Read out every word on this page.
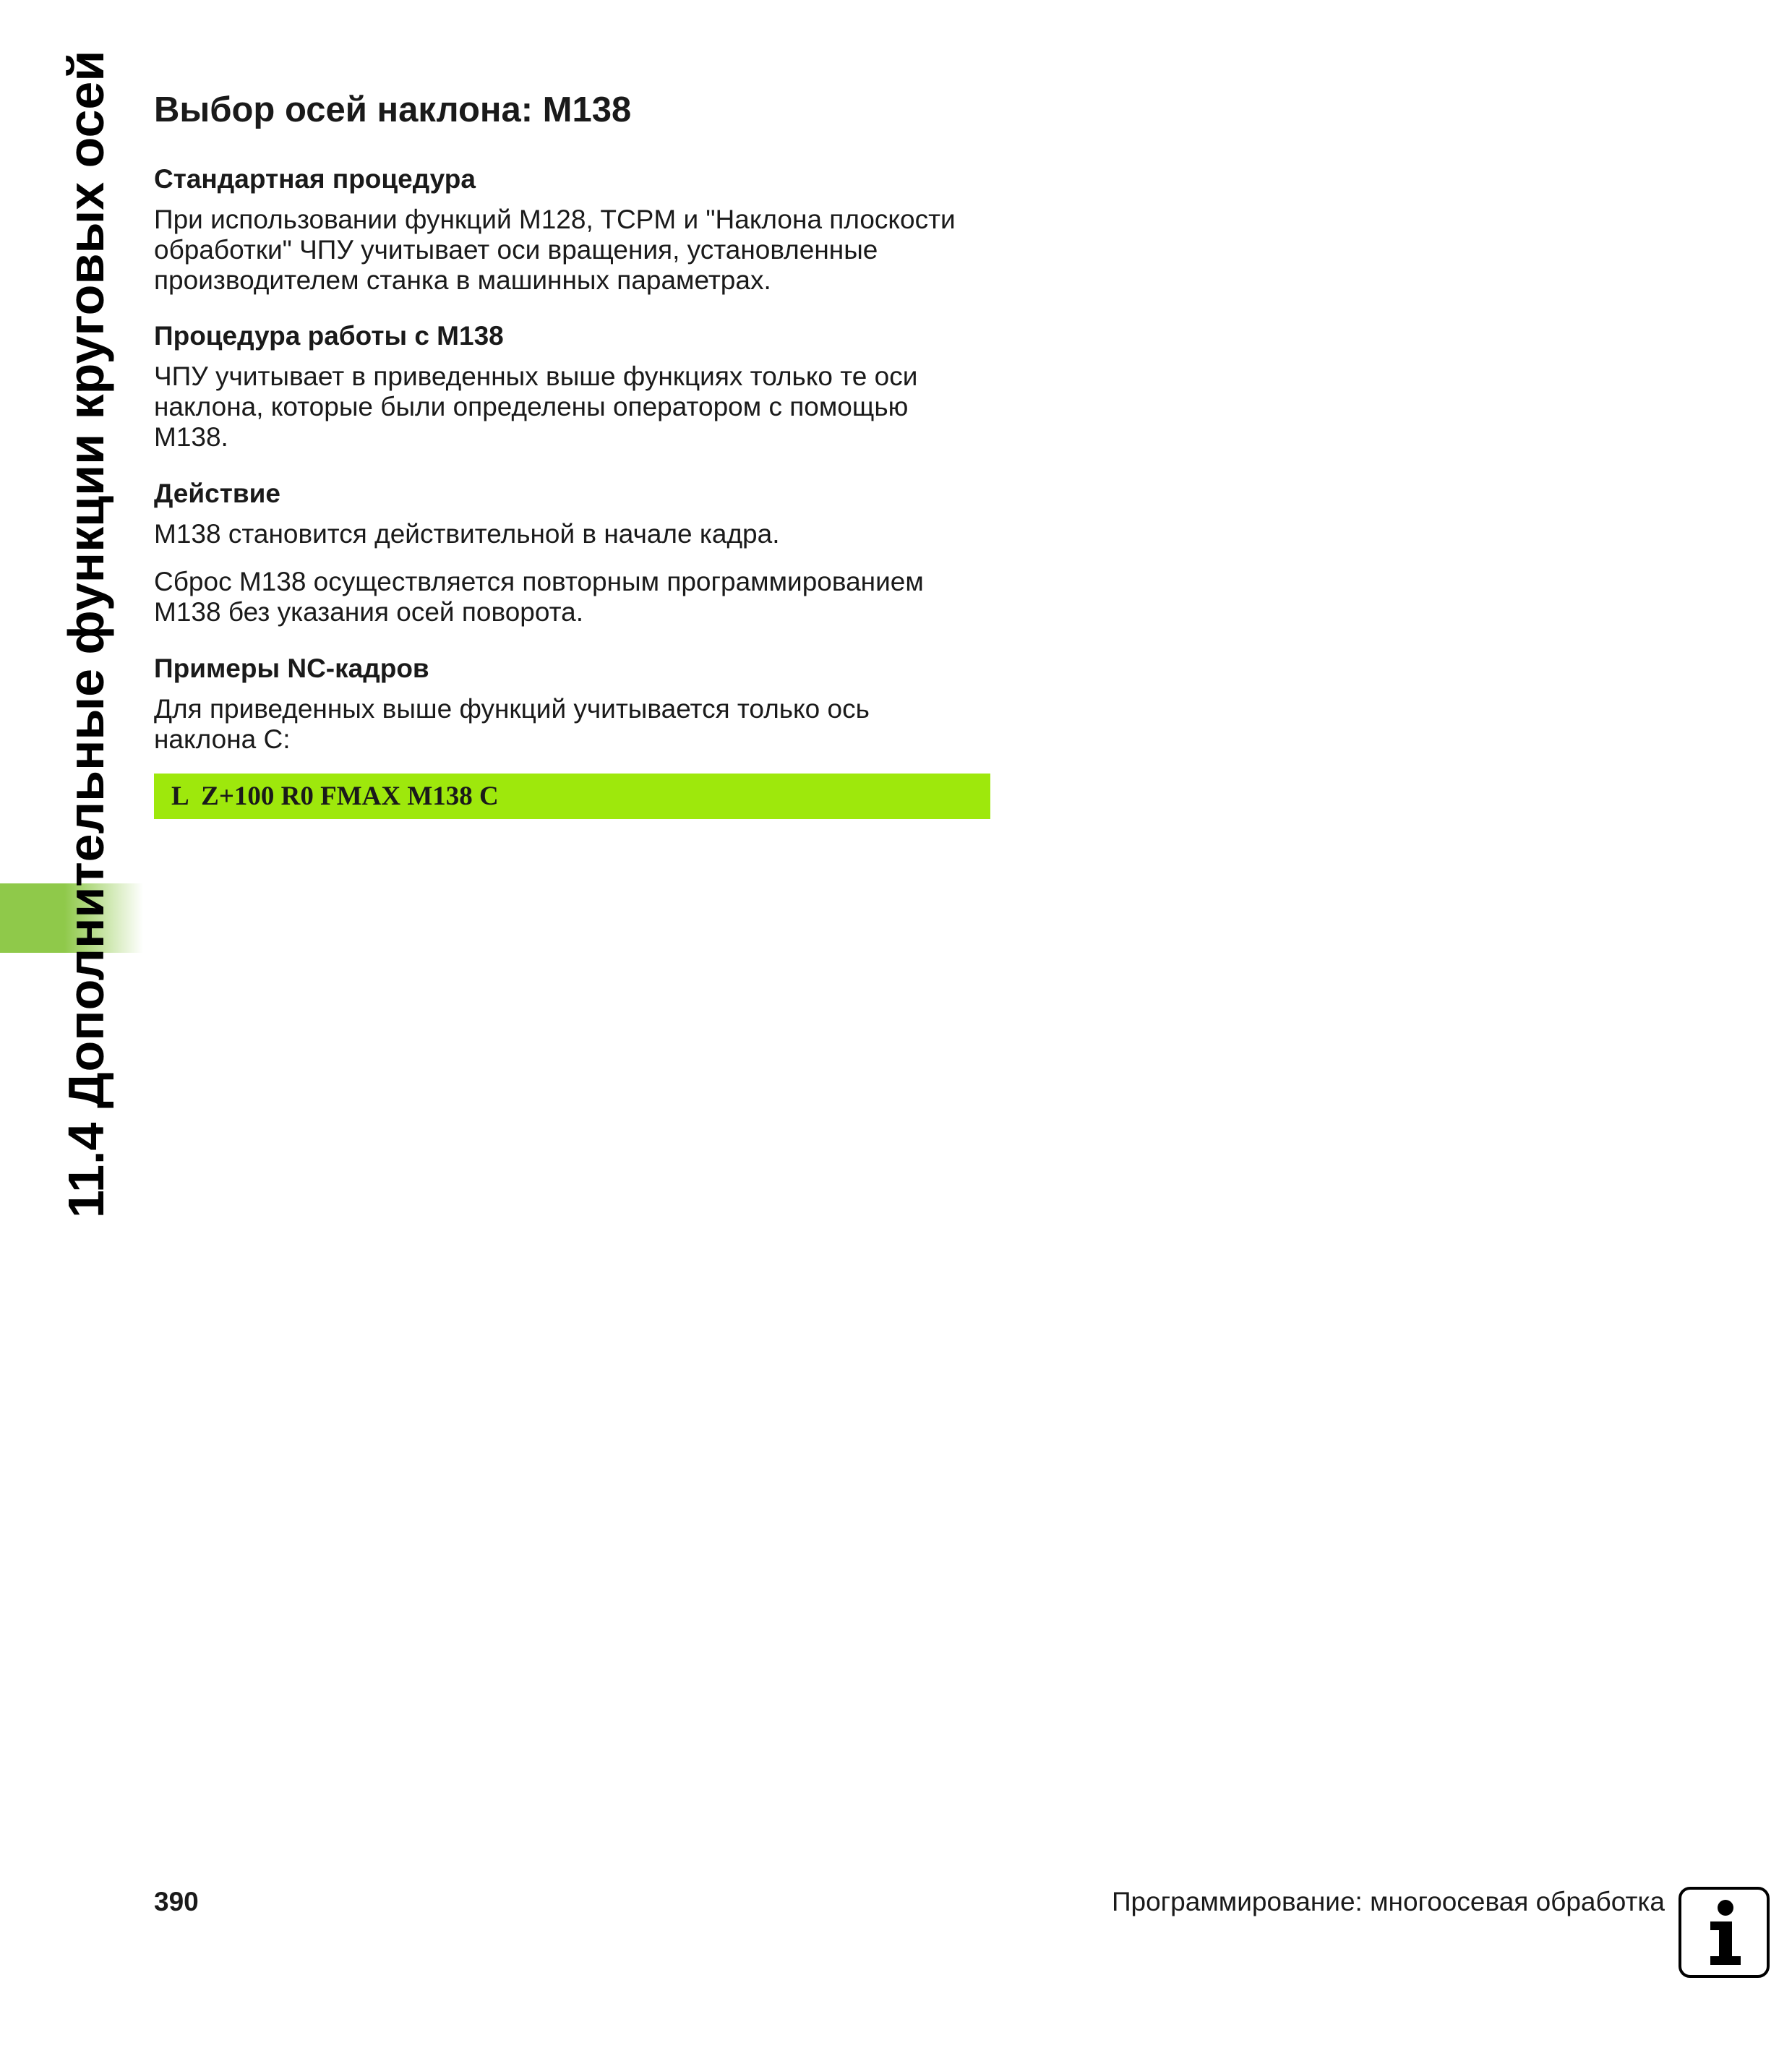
11.4 Дополнительные функции круговых осей Выбор осей наклона: M138
Стандартная процедура
При использовании функций M128, TCPM и "Наклона плоскости
обработки" ЧПУ учитывает оси вращения, установленные
производителем станка в машинных параметрах.
Процедура работы с M138
ЧПУ учитывает в приведенных выше функциях только те оси
наклона, которые были определены оператором с помощью
M138.
Действие
M138 становится действительной в начале кадра.
Сброс M138 осуществляется повторным программированием
M138 без указания осей поворота.
Примеры NC-кадров
Для приведенных выше функций учитывается только ось
наклона C:
L  Z+100 R0 FMAX M138 C
390	Программирование: многоосевая обработка
